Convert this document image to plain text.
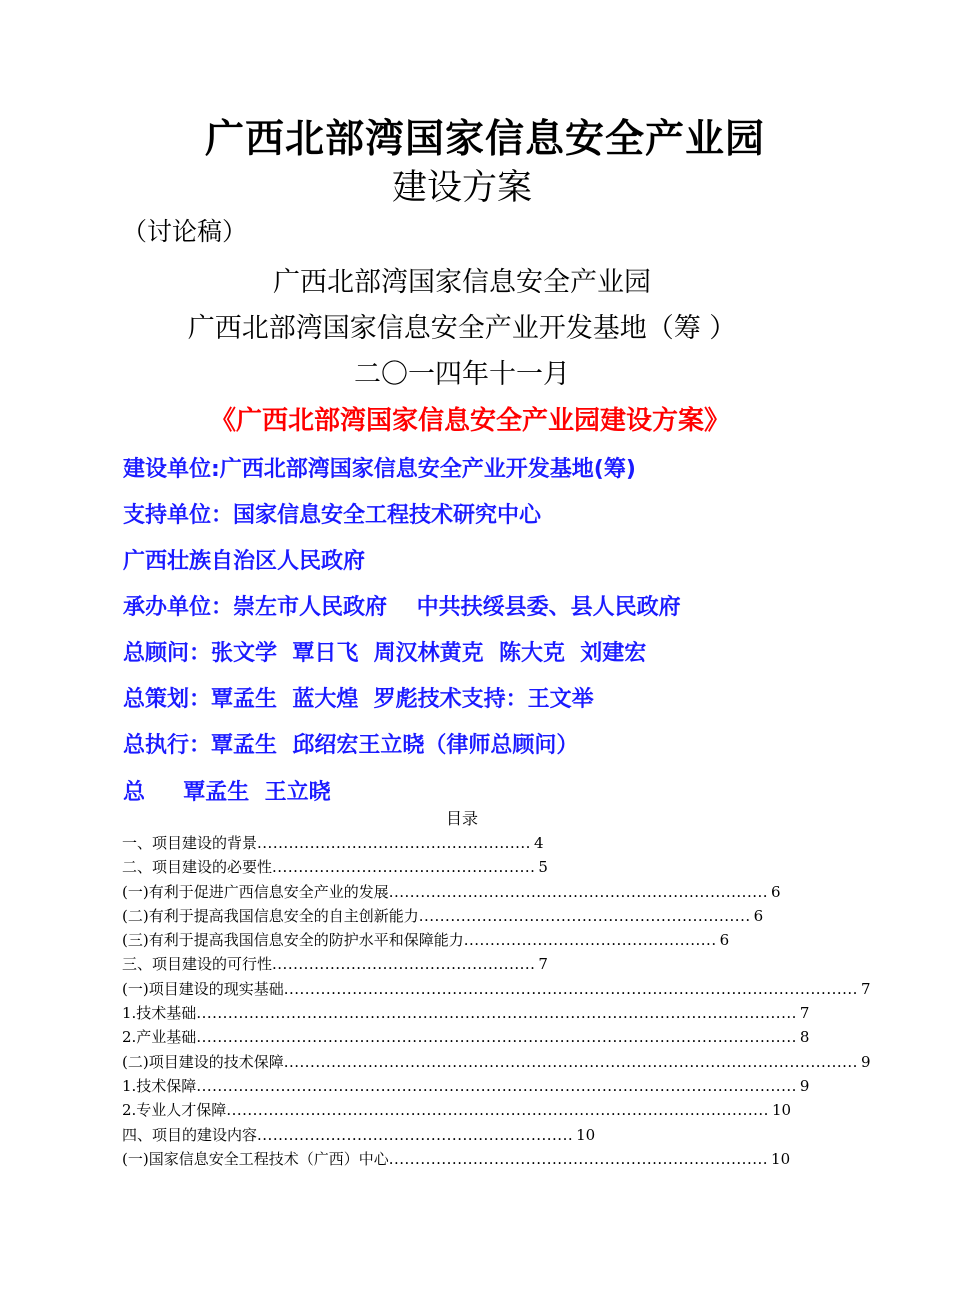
广西北部湾国家信息安全产业园
建设方案
（讨论稿）
广西北部湾国家信息安全产业园
广西北部湾国家信息安全产业开发基地（筹 ）
二〇一四年十一月
《广西北部湾国家信息安全产业园建设方案》
建设单位:广西北部湾国家信息安全产业开发基地(筹)
支持单位：国家信息安全工程技术研究中心
广西壮族自治区人民政府
承办单位：崇左市人民政府　 中共扶绥县委、县人民政府
总顾问：张文学  覃日飞  周汉林黄克  陈大克  刘建宏
总策划：覃孟生  蓝大煌  罗彪技术支持：王文举
总执行：覃孟生  邱绍宏王立晓（律师总顾问）
总     覃孟生  王立晓
目录
一、项目建设的背景 .................................................... 4
二、项目建设的必要性 .................................................. 5
(一)有利于促进广西信息安全产业的发展 ........................................................................ 6
(二)有利于提高我国信息安全的自主创新能力 ............................................................... 6
(三)有利于提高我国信息安全的防护水平和保障能力 ................................................ 6
三、项目建设的可行性 .................................................. 7
(一)项目建设的现实基础 ............................................................................................................. 7
1.技术基础 .................................................................................................................. 7
2.产业基础 .................................................................................................................. 8
(二)项目建设的技术保障 ............................................................................................................. 9
1.技术保障 .................................................................................................................. 9
2.专业人才保障 ....................................................................................................... 10
四、项目的建设内容 ............................................................ 10
(一)国家信息安全工程技术（广西）中心 ........................................................................ 10
